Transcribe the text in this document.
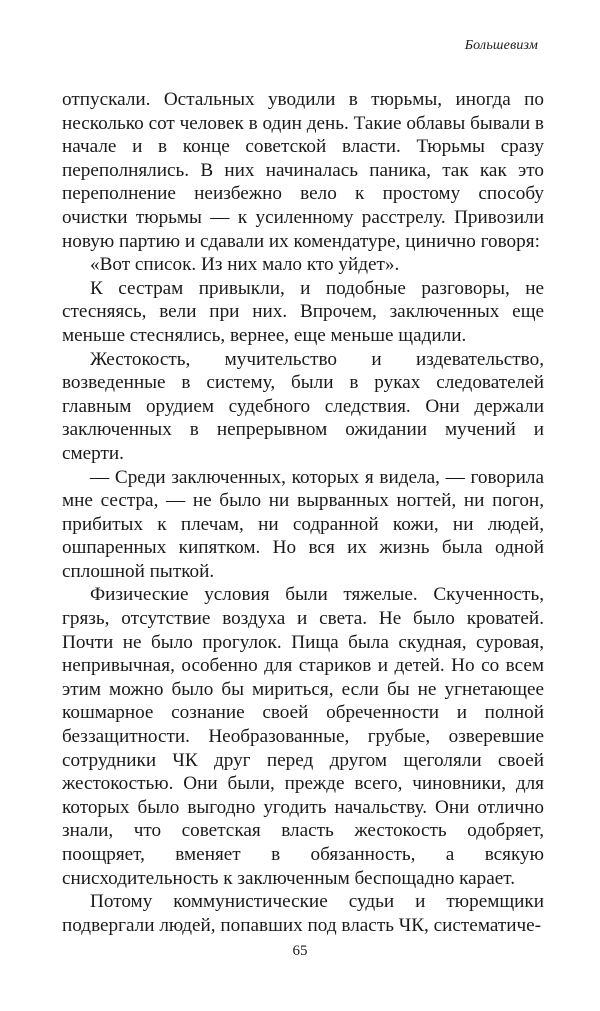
Большевизм

отпускали. Остальных уводили в тюрьмы, иногда по несколько сот человек в один день. Такие облавы бывали в начале и в конце советской власти. Тюрьмы сразу переполнялись. В них начиналась паника, так как это переполнение неизбежно вело к простому способу очистки тюрьмы — к усиленному расстрелу. Привозили новую партию и сдавали их комендатуре, цинично говоря:

«Вот список. Из них мало кто уйдет».

К сестрам привыкли, и подобные разговоры, не стесняясь, вели при них. Впрочем, заключенных еще меньше стеснялись, вернее, еще меньше щадили.

Жестокость, мучительство и издевательство, возведенные в систему, были в руках следователей главным орудием судебного следствия. Они держали заключенных в непрерывном ожидании мучений и смерти.

— Среди заключенных, которых я видела, — говорила мне сестра, — не было ни вырванных ногтей, ни погон, прибитых к плечам, ни содранной кожи, ни людей, ошпаренных кипятком. Но вся их жизнь была одной сплошной пыткой.

Физические условия были тяжелые. Скученность, грязь, отсутствие воздуха и света. Не было кроватей. Почти не было прогулок. Пища была скудная, суровая, непривычная, особенно для стариков и детей. Но со всем этим можно было бы мириться, если бы не угнетающее кошмарное сознание своей обреченности и полной беззащитности. Необразованные, грубые, озверевшие сотрудники ЧК друг перед другом щеголяли своей жестокостью. Они были, прежде всего, чиновники, для которых было выгодно угодить начальству. Они отлично знали, что советская власть жестокость одобряет, поощряет, вменяет в обязанность, а всякую снисходительность к заключенным беспощадно карает.

Потому коммунистические судьи и тюремщики подвергали людей, попавших под власть ЧК, систематиче-

65
